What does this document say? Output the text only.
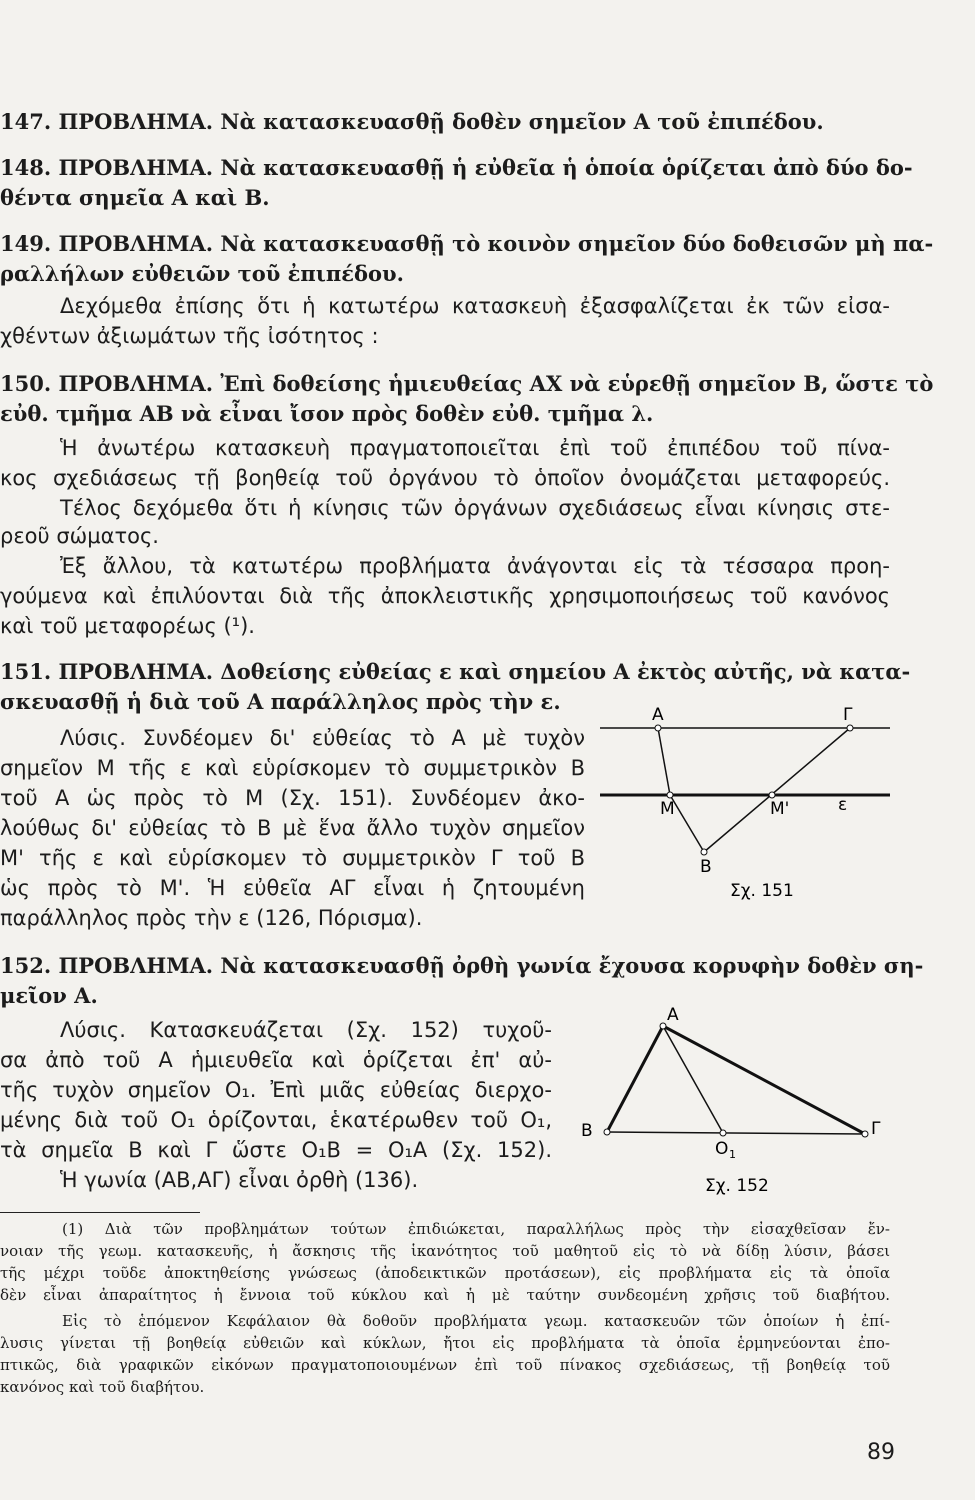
147. ΠΡΟΒΛΗΜΑ. Νὰ κατασκευασθῇ δοθὲν σημεῖον Α τοῦ ἐπιπέδου.

148. ΠΡΟΒΛΗΜΑ. Νὰ κατασκευασθῇ ἡ εὐθεῖα ἡ ὁποία ὁρίζεται ἀπὸ δύο δο-

θέντα σημεῖα Α καὶ Β.

149. ΠΡΟΒΛΗΜΑ. Νὰ κατασκευασθῇ τὸ κοινὸν σημεῖον δύο δοθεισῶν μὴ πα-

ραλλήλων εὐθειῶν τοῦ ἐπιπέδου.

Δεχόμεθα ἐπίσης ὅτι ἡ κατωτέρω κατασκευὴ ἐξασφαλίζεται ἐκ τῶν εἰσα-

χθέντων ἀξιωμάτων τῆς ἰσότητος :

150. ΠΡΟΒΛΗΜΑ. Ἐπὶ δοθείσης ἡμιευθείας ΑΧ νὰ εὑρεθῇ σημεῖον Β, ὥστε τὸ

εὐθ. τμῆμα ΑΒ νὰ εἶναι ἴσον πρὸς δοθὲν εὐθ. τμῆμα λ.

Ἡ ἀνωτέρω κατασκευὴ πραγματοποιεῖται ἐπὶ τοῦ ἐπιπέδου τοῦ πίνα-

κος σχεδιάσεως τῇ βοηθείᾳ τοῦ ὀργάνου τὸ ὁποῖον ὀνομάζεται μεταφορεύς.

Τέλος δεχόμεθα ὅτι ἡ κίνησις τῶν ὀργάνων σχεδιάσεως εἶναι κίνησις στε-

ρεοῦ σώματος.

Ἐξ ἄλλου, τὰ κατωτέρω προβλήματα ἀνάγονται εἰς τὰ τέσσαρα προη-

γούμενα καὶ ἐπιλύονται διὰ τῆς ἀποκλειστικῆς χρησιμοποιήσεως τοῦ κανόνος

καὶ τοῦ μεταφορέως (¹).

151. ΠΡΟΒΛΗΜΑ. Δοθείσης εὐθείας ε καὶ σημείου Α ἐκτὸς αὐτῆς, νὰ κατα-

σκευασθῇ ἡ διὰ τοῦ Α παράλληλος πρὸς τὴν ε.

Λύσις. Συνδέομεν δι' εὐθείας τὸ Α μὲ τυχὸν

σημεῖον Μ τῆς ε καὶ εὑρίσκομεν τὸ συμμετρικὸν Β

τοῦ Α ὡς πρὸς τὸ Μ (Σχ. 151). Συνδέομεν ἀκο-

λούθως δι' εὐθείας τὸ Β μὲ ἕνα ἄλλο τυχὸν σημεῖον

Μ' τῆς ε καὶ εὑρίσκομεν τὸ συμμετρικὸν Γ τοῦ Β

ὡς πρὸς τὸ Μ'. Ἡ εὐθεῖα ΑΓ εἶναι ἡ ζητουμένη

παράλληλος πρὸς τὴν ε (126, Πόρισμα).

152. ΠΡΟΒΛΗΜΑ. Νὰ κατασκευασθῇ ὀρθὴ γωνία ἔχουσα κορυφὴν δοθὲν ση-

μεῖον Α.

Λύσις. Κατασκευάζεται (Σχ. 152) τυχοῦ-

σα ἀπὸ τοῦ Α ἡμιευθεῖα καὶ ὁρίζεται ἐπ' αὐ-

τῆς τυχὸν σημεῖον Ο₁. Ἐπὶ μιᾶς εὐθείας διερχο-

μένης διὰ τοῦ Ο₁ ὁρίζονται, ἑκατέρωθεν τοῦ Ο₁,

τὰ σημεῖα Β καὶ Γ ὥστε Ο₁Β = Ο₁Α (Σχ. 152).

Ἡ γωνία (ΑΒ,ΑΓ) εἶναι ὀρθὴ (136).

(1) Διὰ τῶν προβλημάτων τούτων ἐπιδιώκεται, παραλλήλως πρὸς τὴν εἰσαχθεῖσαν ἔν-

νοιαν τῆς γεωμ. κατασκευῆς, ἡ ἄσκησις τῆς ἱκανότητος τοῦ μαθητοῦ εἰς τὸ νὰ δίδῃ λύσιν, βάσει

τῆς μέχρι τοῦδε ἀποκτηθείσης γνώσεως (ἀποδεικτικῶν προτάσεων), εἰς προβλήματα εἰς τὰ ὁποῖα

δὲν εἶναι ἀπαραίτητος ἡ ἔννοια τοῦ κύκλου καὶ ἡ μὲ ταύτην συνδεομένη χρῆσις τοῦ διαβήτου.

Εἰς τὸ ἑπόμενον Κεφάλαιον θὰ δοθοῦν προβλήματα γεωμ. κατασκευῶν τῶν ὁποίων ἡ ἐπί-

λυσις γίνεται τῇ βοηθείᾳ εὐθειῶν καὶ κύκλων, ἤτοι εἰς προβλήματα τὰ ὁποῖα ἑρμηνεύονται ἐπο-

πτικῶς, διὰ γραφικῶν εἰκόνων πραγματοποιουμένων ἐπὶ τοῦ πίνακος σχεδιάσεως, τῇ βοηθείᾳ τοῦ

κανόνος καὶ τοῦ διαβήτου.

Α	Γ
Μ	Μ'	ε
Β
Σχ. 151
Α
Β	Γ
Ο 1
Σχ. 152
89
